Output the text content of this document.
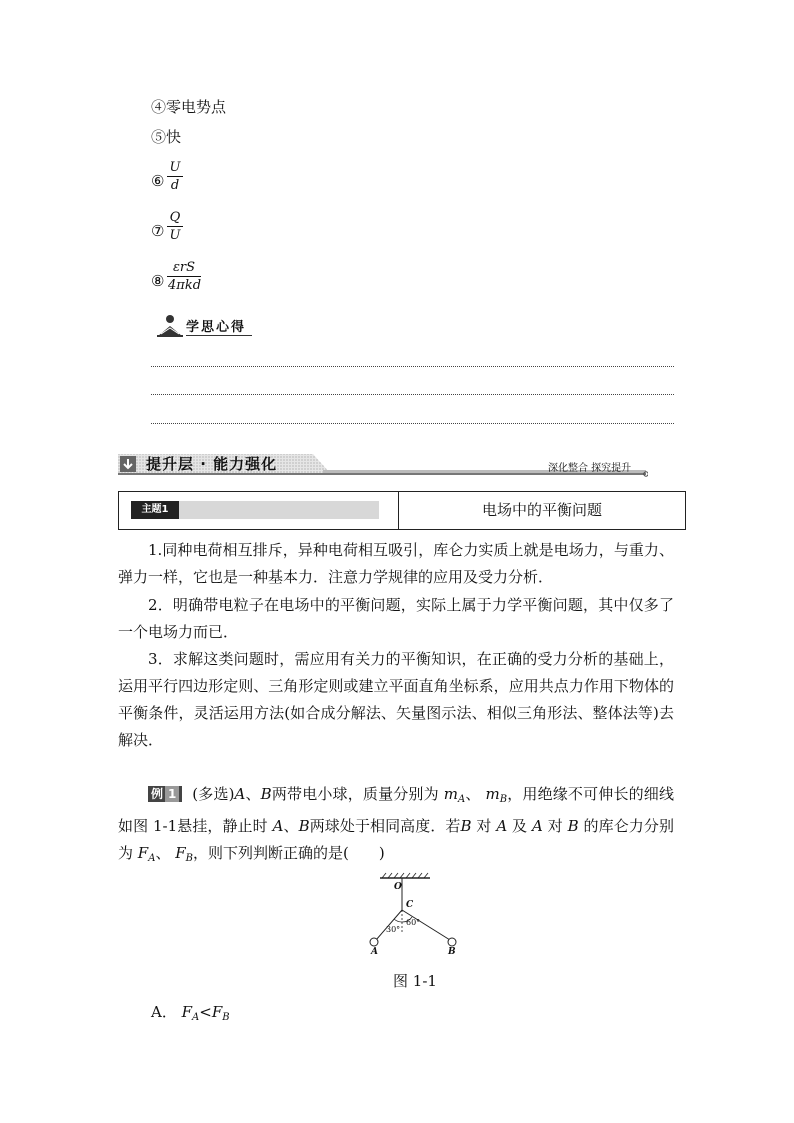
④零电势点
⑤快
⑥
U
d
⑦
Q
U
⑧
εrS
4πkd
学思心得
提升层 · 能力强化	深化整合 探究提升
主题1	电场中的平衡问题
1.同种电荷相互排斥，异种电荷相互吸引，库仑力实质上就是电场力，与重力、弹力一样，它也是一种基本力．注意力学规律的应用及受力分析．
2．明确带电粒子在电场中的平衡问题，实际上属于力学平衡问题，其中仅多了一个电场力而已．
3．求解这类问题时，需应用有关力的平衡知识，在正确的受力分析的基础上，运用平行四边形定则、三角形定则或建立平面直角坐标系，应用共点力作用下物体的平衡条件，灵活运用方法(如合成分解法、矢量图示法、相似三角形法、整体法等)去解决．
例 1 (多选)A、B两带电小球，质量分别为 $m_A$、 $m_B$，用绝缘不可伸长的细线如图 1-1悬挂，静止时 A、B两球处于相同高度．若B 对 A 及 A 对 B 的库仑力分别为 $F_A$、 $F_B$，则下列判断正确的是(　　)
O
C
30°
60°
A	B
图 1-1
A． $F_A<F_B$
